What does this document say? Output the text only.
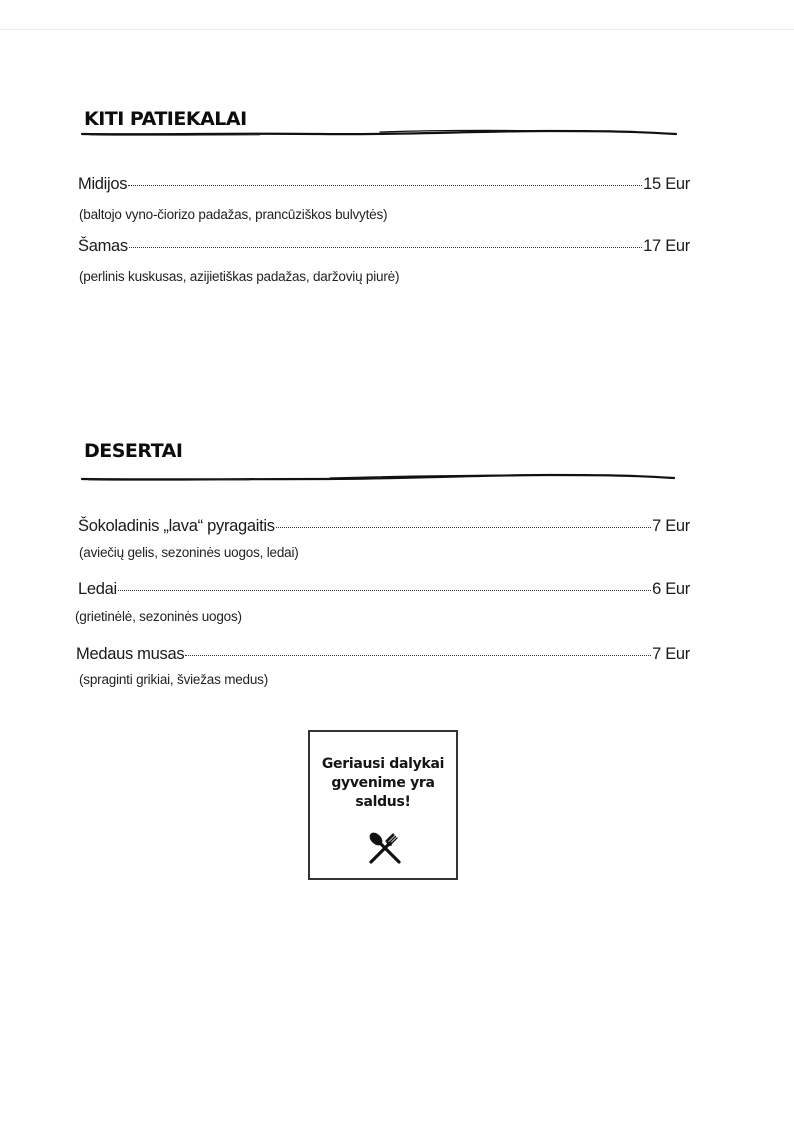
KITI PATIEKALAI
Midijos	15 Eur
(baltojo vyno-čiorizo padažas, prancūziškos bulvytės)
Šamas	17 Eur
(perlinis kuskusas, azijietiškas padažas, daržovių piurė)
DESERTAI
Šokoladinis „lava“ pyragaitis	7 Eur
(aviečių gelis, sezoninės uogos, ledai)
Ledai	6 Eur
(grietinėlė, sezoninės uogos)
Medaus musas	7 Eur
(spraginti grikiai, šviežas medus)
Geriausi dalykai gyvenime yra saldus!
